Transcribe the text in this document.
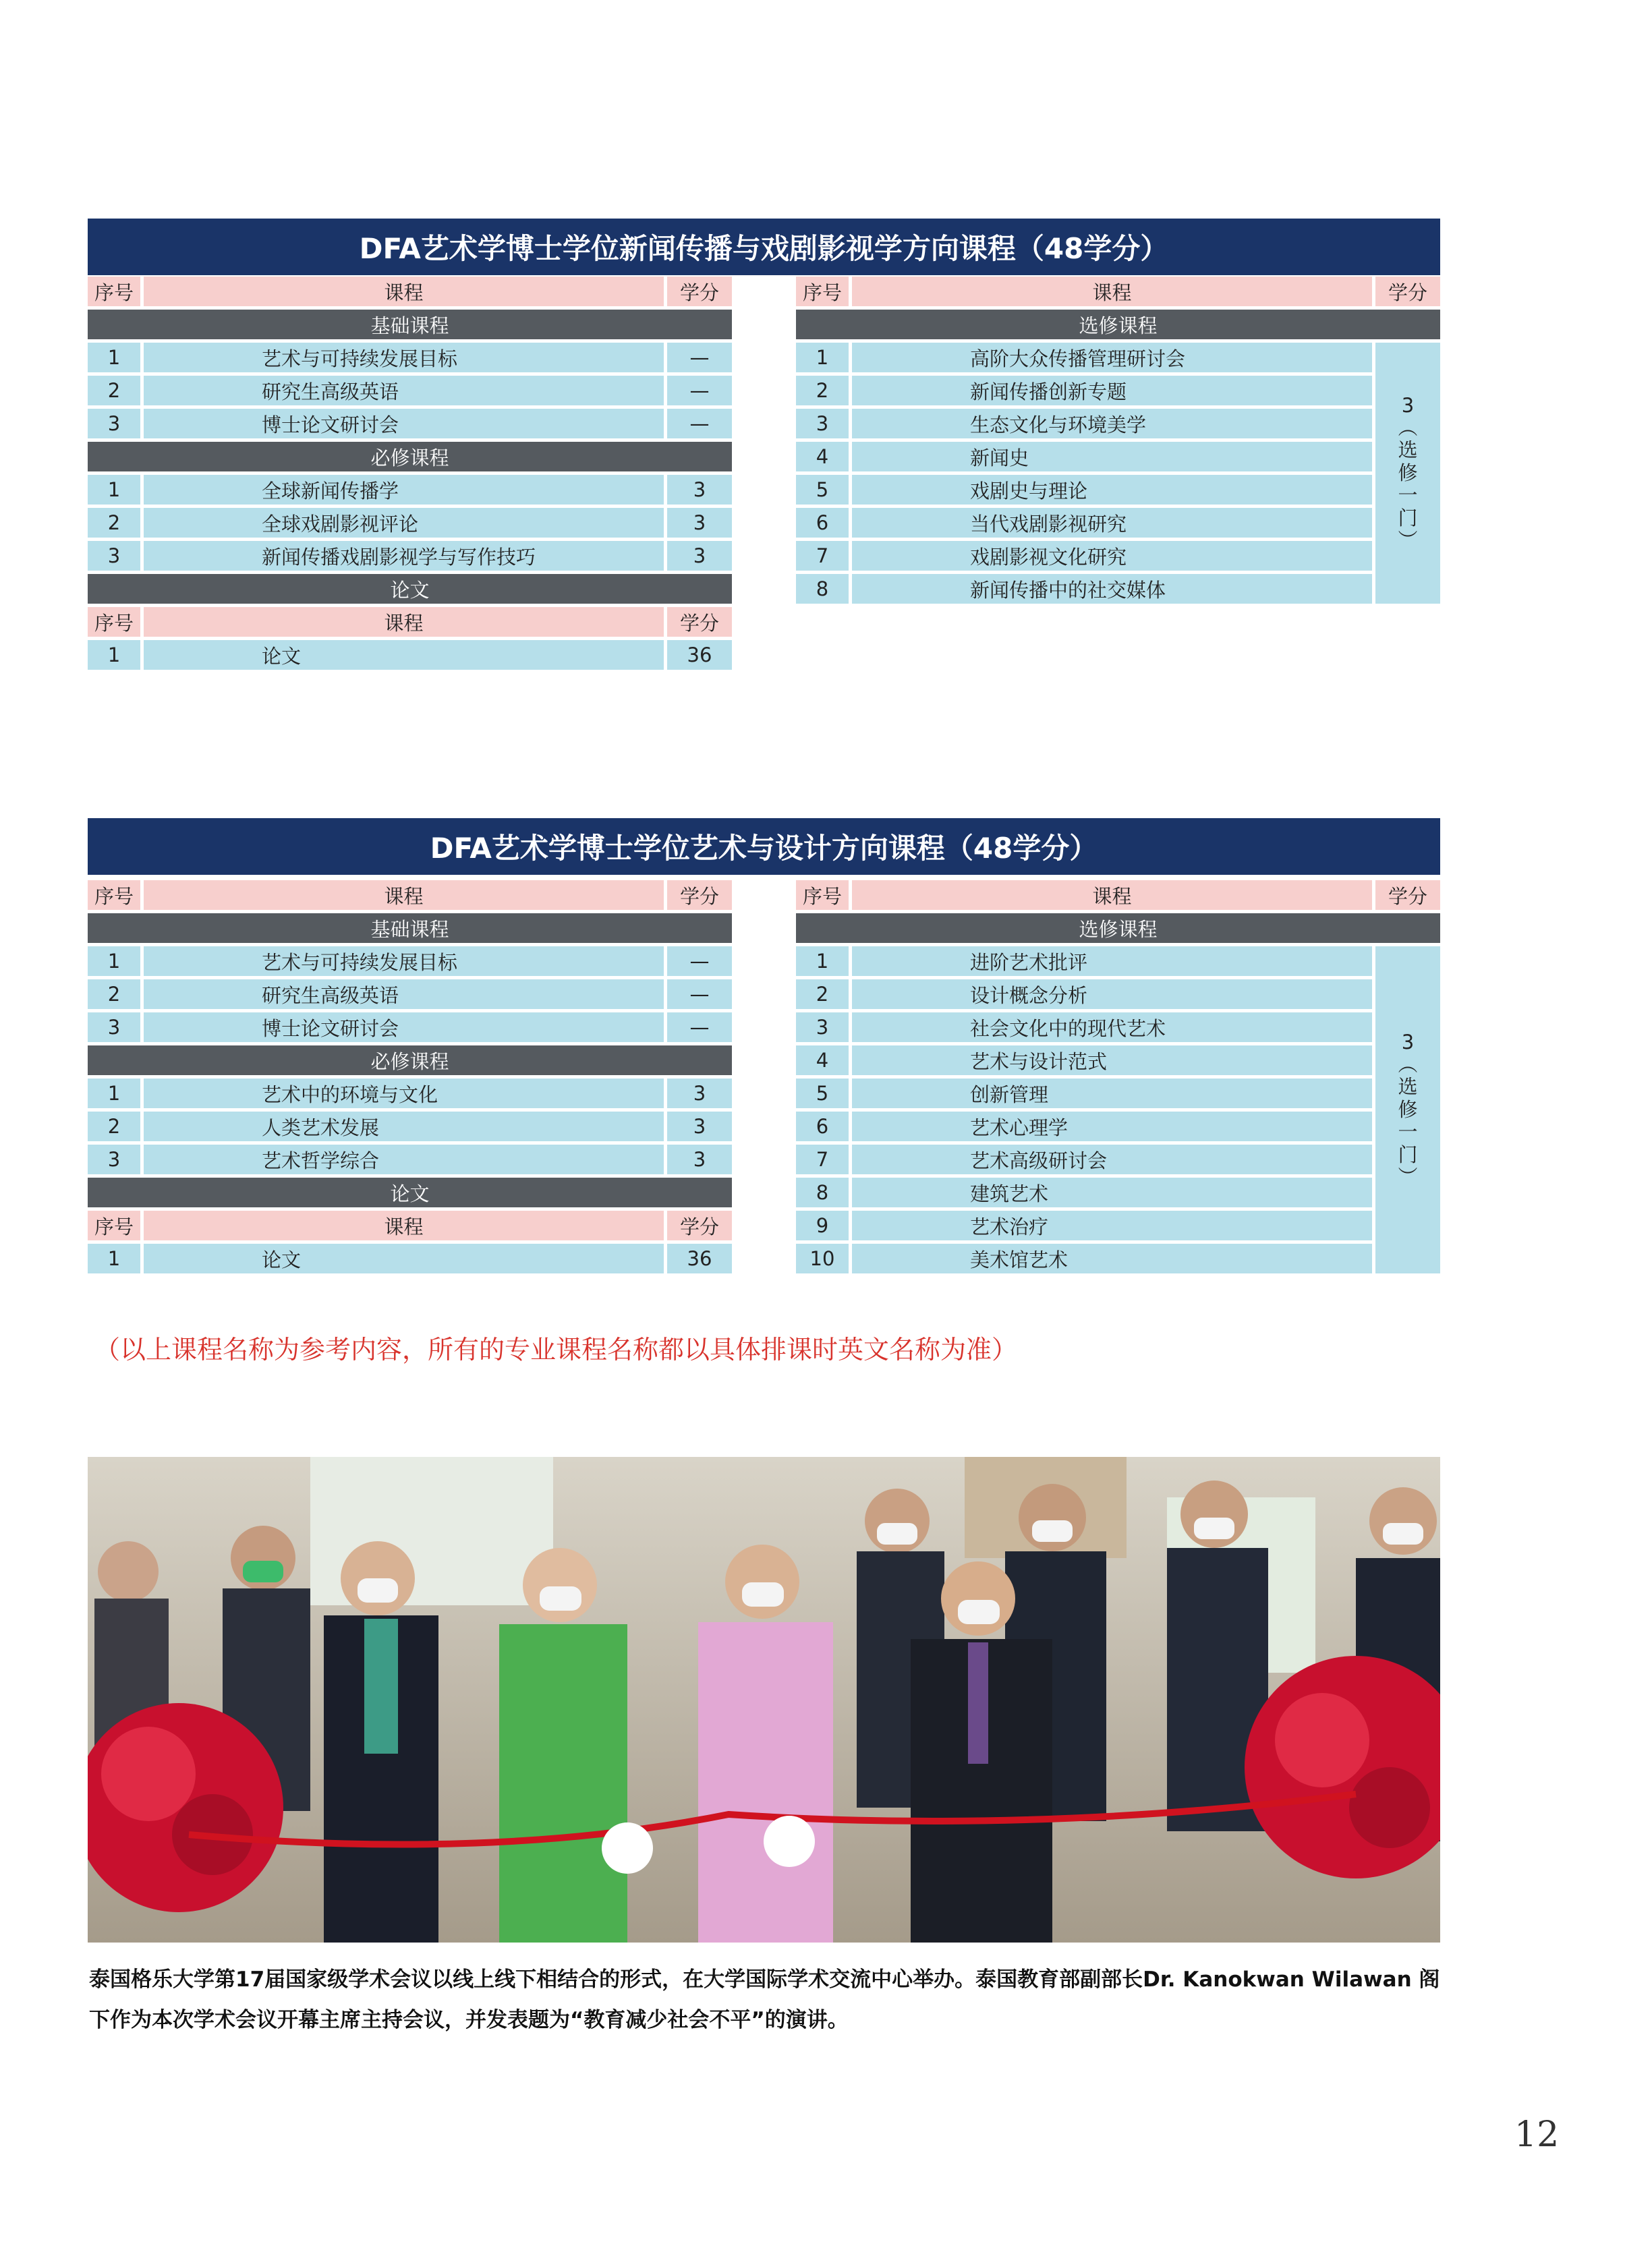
DFA艺术学博士学位新闻传播与戏剧影视学方向课程（48学分）
序号	课程	学分
基础课程
1	艺术与可持续发展目标	—
2	研究生高级英语	—
3	博士论文研讨会	—
必修课程
1	全球新闻传播学	3
2	全球戏剧影视评论	3
3	新闻传播戏剧影视学与写作技巧	3
论文
序号	课程	学分
1	论文	36
序号	课程	学分
选修课程
1	高阶大众传播管理研讨会
2	新闻传播创新专题
3	生态文化与环境美学
4	新闻史
5	戏剧史与理论
6	当代戏剧影视研究
7	戏剧影视文化研究
8	新闻传播中的社交媒体
3
︵
选
修
一
门
︶
DFA艺术学博士学位艺术与设计方向课程（48学分）
序号	课程	学分
基础课程
1	艺术与可持续发展目标	—
2	研究生高级英语	—
3	博士论文研讨会	—
必修课程
1	艺术中的环境与文化	3
2	人类艺术发展	3
3	艺术哲学综合	3
论文
序号	课程	学分
1	论文	36
序号	课程	学分
选修课程
1	进阶艺术批评
2	设计概念分析
3	社会文化中的现代艺术
4	艺术与设计范式
5	创新管理
6	艺术心理学
7	艺术高级研讨会
8	建筑艺术
9	艺术治疗
10	美术馆艺术
3
︵
选
修
一
门
︶
（以上课程名称为参考内容，所有的专业课程名称都以具体排课时英文名称为准）
泰国格乐大学第17届国家级学术会议以线上线下相结合的形式，在大学国际学术交流中心举办。泰国教育部副部长Dr. Kanokwan Wilawan 阁下作为本次学术会议开幕主席主持会议，并发表题为“教育减少社会不平”的演讲。
12
